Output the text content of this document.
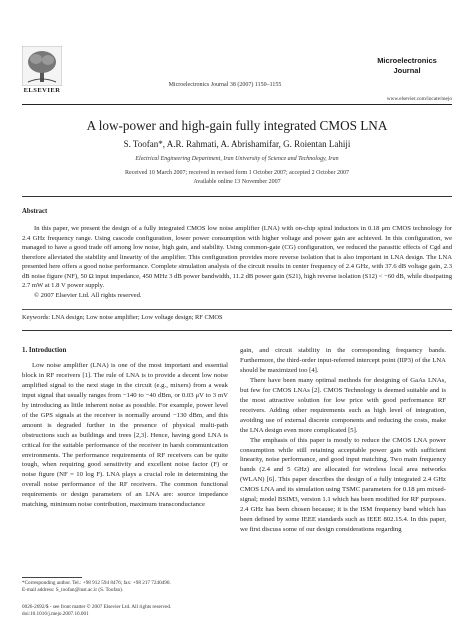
ELSEVIER
Microelectronics Journal 38 (2007) 1150–1155
Microelectronics
Journal
www.elsevier.com/locate/mejo
A low-power and high-gain fully integrated CMOS LNA
S. Toofan*, A.R. Rahmati, A. Abrishamifar, G. Roientan Lahiji
Electrical Engineering Department, Iran University of Science and Technology, Iran
Received 10 March 2007; received in revised form 1 October 2007; accepted 2 October 2007
Available online 13 November 2007
Abstract
In this paper, we present the design of a fully integrated CMOS low noise amplifier (LNA) with on-chip spiral inductors in 0.18 μm CMOS technology for 2.4 GHz frequency range. Using cascode configuration, lower power consumption with higher voltage and power gain are achieved. In this configuration, we managed to have a good trade off among low noise, high gain, and stability. Using common-gate (CG) configuration, we reduced the parasitic effects of Cgd and therefore alleviated the stability and linearity of the amplifier. This configuration provides more reverse isolation that is also important in LNA design. The LNA presented here offers a good noise performance. Complete simulation analysis of the circuit results in center frequency of 2.4 GHz, with 37.6 dB voltage gain, 2.3 dB noise figure (NF), 50 Ω input impedance, 450 MHz 3 dB power bandwidth, 11.2 dB power gain (S21), high reverse isolation (S12) < −60 dB, while dissipating 2.7 mW at 1.8 V power supply.
© 2007 Elsevier Ltd. All rights reserved.
Keywords: LNA design; Low noise amplifier; Low voltage design; RF CMOS
1. Introduction
Low noise amplifier (LNA) is one of the most important and essential block in RF receivers [1]. The rule of LNA is to provide a decent low noise amplified signal to the next stage in the circuit (e.g., mixers) from a weak input signal that usually ranges from −140 to −40 dBm, or 0.03 μV to 3 mV by introducing as little inherent noise as possible. For example, power level of the GPS signals at the receiver is normally around −130 dBm, and this amount is degraded further in the presence of physical multi-path obstructions such as buildings and trees [2,3]. Hence, having good LNA is critical for the suitable performance of the receiver in harsh communication environments. The performance requirements of RF receivers can be quite tough, when requiring good sensitivity and excellent noise factor (F) or noise figure (NF = 10 log F). LNA plays a crucial role in determining the overall noise performance of the RF receivers. The common functional requirements or design parameters of an LNA are: source impedance matching, minimum noise contribution, maximum transconductance
gain, and circuit stability in the corresponding frequency bands. Furthermore, the third-order input-referred intercept point (IIP3) of the LNA should be maximized too [4].
There have been many optimal methods for designing of GaAs LNAs, but few for CMOS LNAs [2]. CMOS Technology is deemed suitable and is the most attractive solution for low price with good performance RF receivers. Adding other requirements such as high level of integration, avoiding use of external discrete components and reducing the costs, make the LNA design even more complicated [5].
The emphasis of this paper is mostly to reduce the CMOS LNA power consumption while still retaining acceptable power gain with sufficient linearity, noise performance, and good input matching. Two main frequency bands (2.4 and 5 GHz) are allocated for wireless local area networks (WLAN) [6]. This paper describes the design of a fully integrated 2.4 GHz CMOS LNA and its simulation using TSMC parameters for 0.18 μm mixed-signal; model BSIM3, version 1.1 which has been modified for RF purposes. 2.4 GHz has been chosen because; it is the ISM frequency band which has been defined by some IEEE standards such as IEEE 802.15.4. In this paper, we first discuss some of our design considerations regarding
*Corresponding author. Tel.: +98 912 594 8476; fax: +98 217 7240490.
E-mail address: S_toofan@iust.ac.ir (S. Toofan).
0026-2692/$ - see front matter © 2007 Elsevier Ltd. All rights reserved.
doi:10.1016/j.mejo.2007.10.001
